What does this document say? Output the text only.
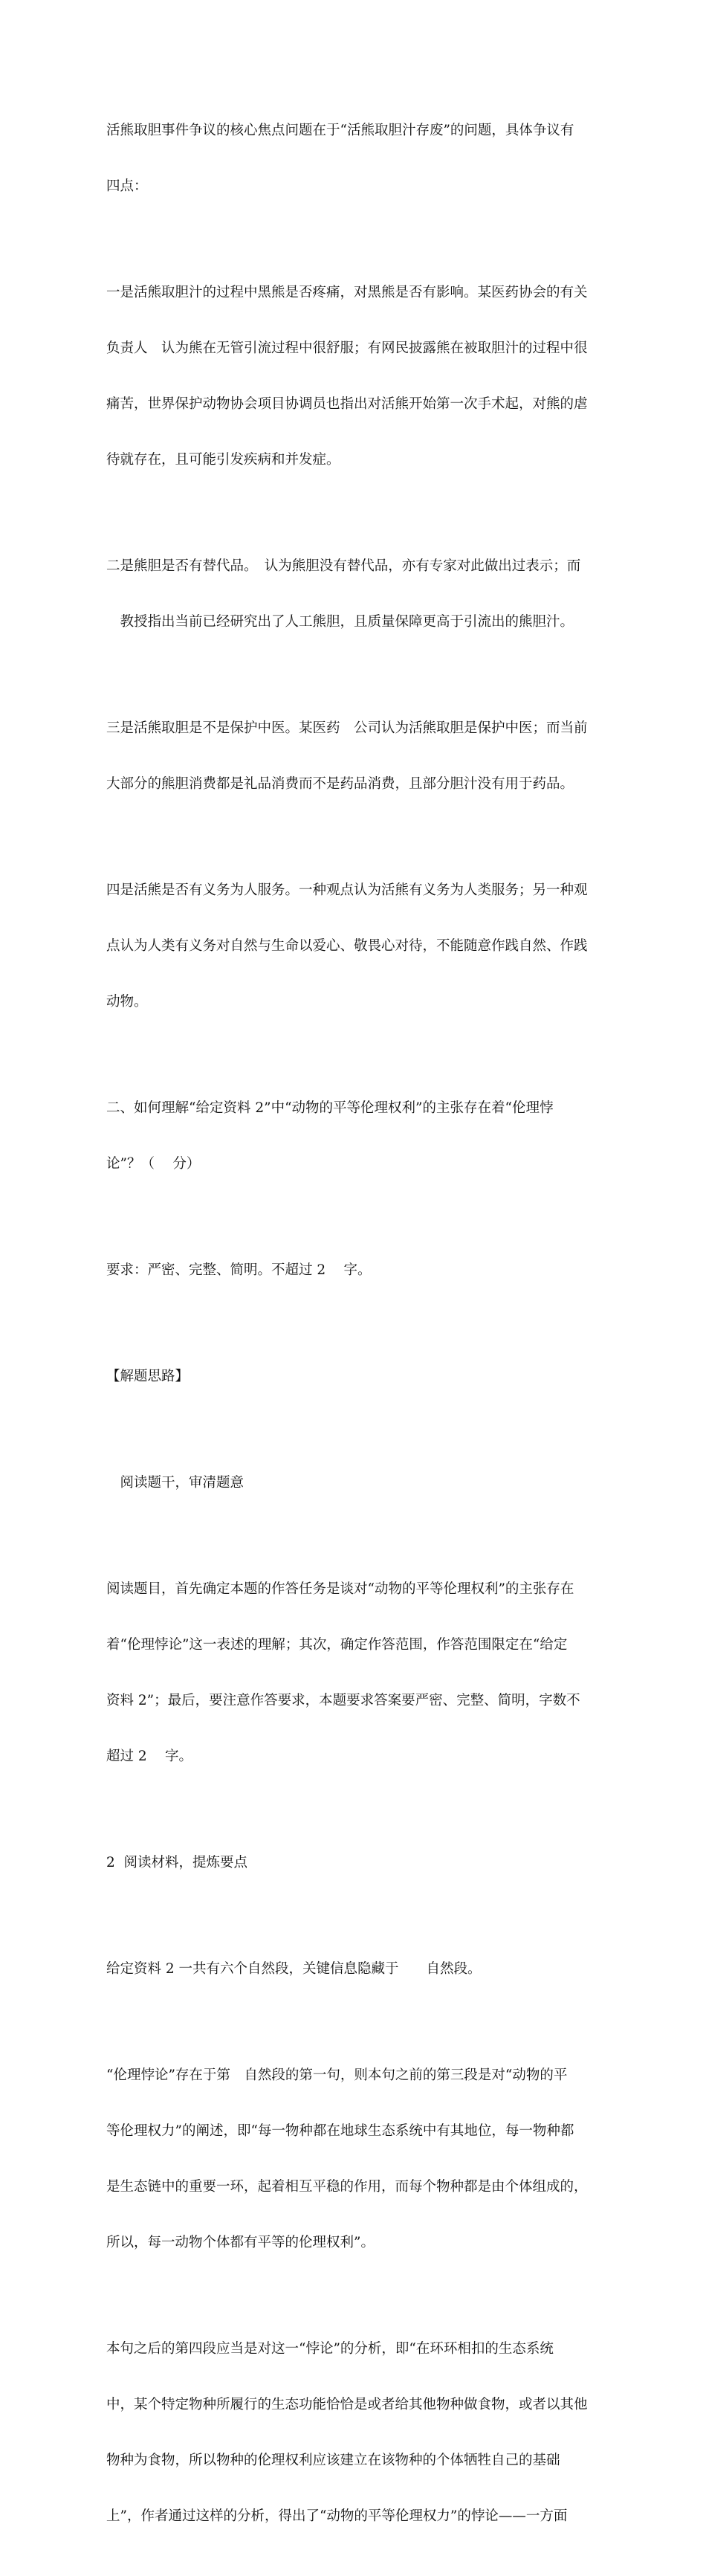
活熊取胆事件争议的核心焦点问题在于“活熊取胆汁存废”的问题，具体争议有

四点：

一是活熊取胆汁的过程中黑熊是否疼痛，对黑熊是否有影响。某医药协会的有关

负责人　认为熊在无管引流过程中很舒服；有网民披露熊在被取胆汁的过程中很

痛苦，世界保护动物协会项目协调员也指出对活熊开始第一次手术起，对熊的虐

待就存在，且可能引发疾病和并发症。

二是熊胆是否有替代品。　认为熊胆没有替代品，亦有专家对此做出过表示；而

　教授指出当前已经研究出了人工熊胆，且质量保障更高于引流出的熊胆汁。

三是活熊取胆是不是保护中医。某医药　公司认为活熊取胆是保护中医；而当前

大部分的熊胆消费都是礼品消费而不是药品消费，且部分胆汁没有用于药品。

四是活熊是否有义务为人服务。一种观点认为活熊有义务为人类服务；另一种观

点认为人类有义务对自然与生命以爱心、敬畏心对待，不能随意作践自然、作践

动物。

二、如何理解“给定资料 2”中“动物的平等伦理权利”的主张存在着“伦理悖

论”？（　 分）

要求：严密、完整、简明。不超过 2　 字。

【解题思路】

　阅读题干，审清题意

阅读题目，首先确定本题的作答任务是谈对“动物的平等伦理权利”的主张存在

着“伦理悖论”这一表述的理解；其次，确定作答范围，作答范围限定在“给定

资料 2”；最后，要注意作答要求，本题要求答案要严密、完整、简明，字数不

超过 2　 字。

2  阅读材料，提炼要点

给定资料 2 一共有六个自然段，关键信息隐藏于　　自然段。

“伦理悖论”存在于第　自然段的第一句，则本句之前的第三段是对“动物的平

等伦理权力”的阐述，即“每一物种都在地球生态系统中有其地位，每一物种都

是生态链中的重要一环，起着相互平稳的作用，而每个物种都是由个体组成的，

所以，每一动物个体都有平等的伦理权利”。

本句之后的第四段应当是对这一“悖论”的分析，即“在环环相扣的生态系统

中，某个特定物种所履行的生态功能恰恰是或者给其他物种做食物，或者以其他

物种为食物，所以物种的伦理权利应该建立在该物种的个体牺牲自己的基础

上”，作者通过这样的分析，得出了“动物的平等伦理权力”的悖论——一方面
